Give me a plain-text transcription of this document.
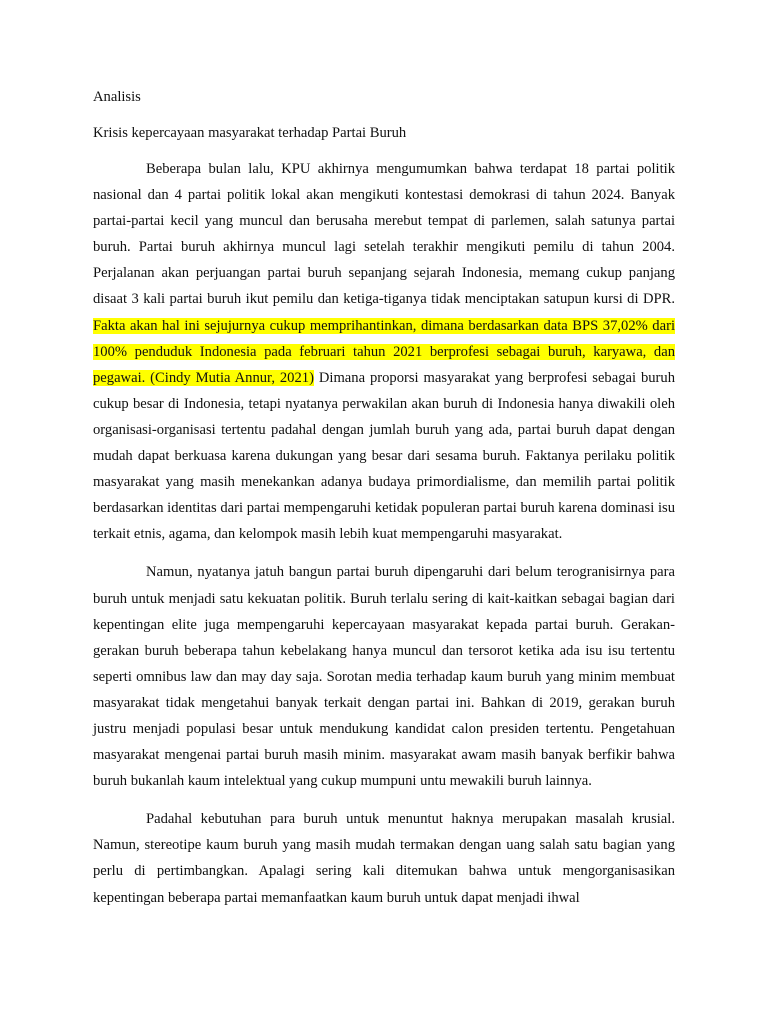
Analisis
Krisis kepercayaan masyarakat terhadap Partai Buruh

Beberapa bulan lalu, KPU akhirnya mengumumkan bahwa terdapat 18 partai politik nasional dan 4 partai politik lokal akan mengikuti kontestasi demokrasi di tahun 2024. Banyak partai-partai kecil yang muncul dan berusaha merebut tempat di parlemen, salah satunya partai buruh. Partai buruh akhirnya muncul lagi setelah terakhir mengikuti pemilu di tahun 2004. Perjalanan akan perjuangan partai buruh sepanjang sejarah Indonesia, memang cukup panjang disaat 3 kali partai buruh ikut pemilu dan ketiga-tiganya tidak menciptakan satupun kursi di DPR. Fakta akan hal ini sejujurnya cukup memprihantinkan, dimana berdasarkan data BPS 37,02% dari 100% penduduk Indonesia pada februari tahun 2021 berprofesi sebagai buruh, karyawa, dan pegawai. (Cindy Mutia Annur, 2021) Dimana proporsi masyarakat yang berprofesi sebagai buruh cukup besar di Indonesia, tetapi nyatanya perwakilan akan buruh di Indonesia hanya diwakili oleh organisasi-organisasi tertentu padahal dengan jumlah buruh yang ada, partai buruh dapat dengan mudah dapat berkuasa karena dukungan yang besar dari sesama buruh. Faktanya perilaku politik masyarakat yang masih menekankan adanya budaya primordialisme, dan memilih partai politik berdasarkan identitas dari partai mempengaruhi ketidak populeran partai buruh karena dominasi isu terkait etnis, agama, dan kelompok masih lebih kuat mempengaruhi masyarakat.

Namun, nyatanya jatuh bangun partai buruh dipengaruhi dari belum terogranisirnya para buruh untuk menjadi satu kekuatan politik. Buruh terlalu sering di kait-kaitkan sebagai bagian dari kepentingan elite juga mempengaruhi kepercayaan masyarakat kepada partai buruh. Gerakan-gerakan buruh beberapa tahun kebelakang hanya muncul dan tersorot ketika ada isu isu tertentu seperti omnibus law dan may day saja. Sorotan media terhadap kaum buruh yang minim membuat masyarakat tidak mengetahui banyak terkait dengan partai ini. Bahkan di 2019, gerakan buruh justru menjadi populasi besar untuk mendukung kandidat calon presiden tertentu. Pengetahuan masyarakat mengenai partai buruh masih minim. masyarakat awam masih banyak berfikir bahwa buruh bukanlah kaum intelektual yang cukup mumpuni untu mewakili buruh lainnya.

Padahal kebutuhan para buruh untuk menuntut haknya merupakan masalah krusial. Namun, stereotipe kaum buruh yang masih mudah termakan dengan uang salah satu bagian yang perlu di pertimbangkan. Apalagi sering kali ditemukan bahwa untuk mengorganisasikan kepentingan beberapa partai memanfaatkan kaum buruh untuk dapat menjadi ihwal
